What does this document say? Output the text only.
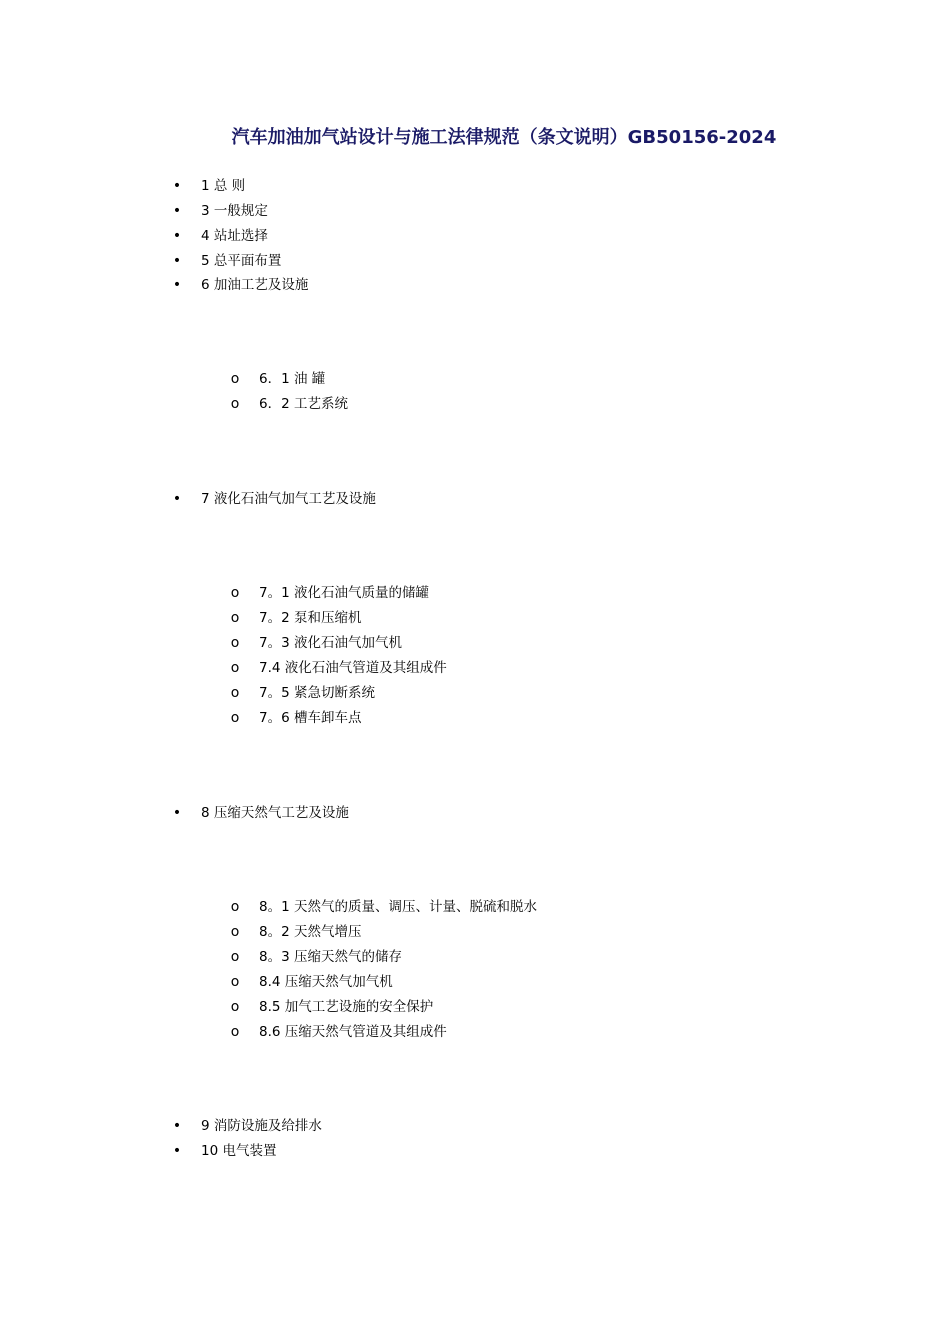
汽车加油加气站设计与施工法律规范（条文说明）GB50156-2024
• 1 总 则
• 3 一般规定
• 4 站址选择
• 5 总平面布置
• 6 加油工艺及设施
o 6．1 油 罐
o 6．2 工艺系统
• 7 液化石油气加气工艺及设施
o 7。1 液化石油气质量的储罐
o 7。2 泵和压缩机
o 7。3 液化石油气加气机
o 7.4 液化石油气管道及其组成件
o 7。5 紧急切断系统
o 7。6 槽车卸车点
• 8 压缩天然气工艺及设施
o 8。1 天然气的质量、调压、计量、脱硫和脱水
o 8。2 天然气增压
o 8。3 压缩天然气的储存
o 8.4 压缩天然气加气机
o 8.5 加气工艺设施的安全保护
o 8.6 压缩天然气管道及其组成件
• 9 消防设施及给排水
• 10 电气装置
